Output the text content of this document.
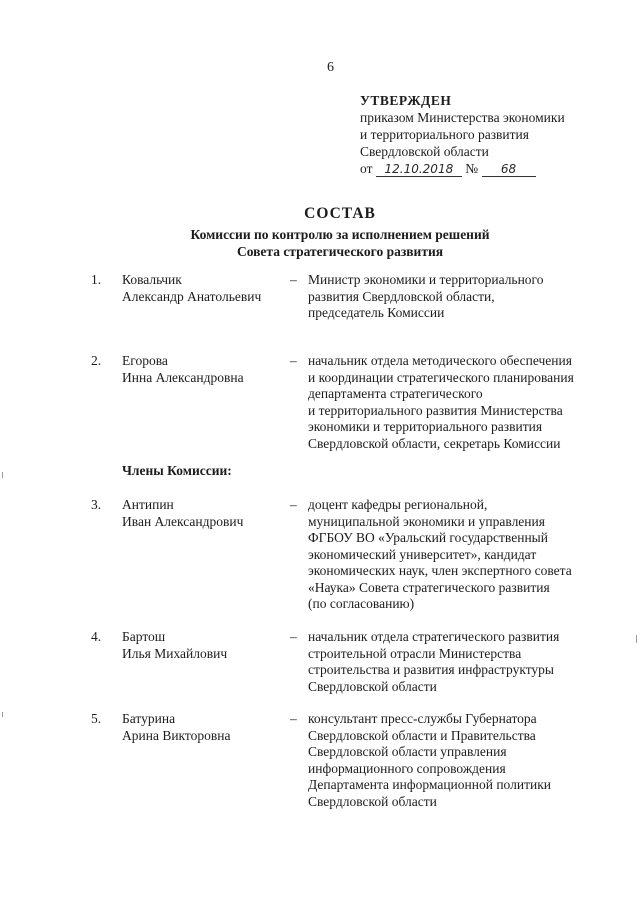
6
УТВЕРЖДЕН
приказом Министерства экономики
и территориального развития
Свердловской области
от 12.10.2018 № 68
СОСТАВ
Комиссии по контролю за исполнением решений
Совета стратегического развития
1. Ковальчик
Александр Анатольевич
– Министр экономики и территориального
развития Свердловской области,
председатель Комиссии
2. Егорова
Инна Александровна
– начальник отдела методического обеспечения
и координации стратегического планирования
департамента стратегического
и территориального развития Министерства
экономики и территориального развития
Свердловской области, секретарь Комиссии
Члены Комиссии:
3. Антипин
Иван Александрович
– доцент кафедры региональной,
муниципальной экономики и управления
ФГБОУ ВО «Уральский государственный
экономический университет», кандидат
экономических наук, член экспертного совета
«Наука» Совета стратегического развития
(по согласованию)
4. Бартош
Илья Михайлович
– начальник отдела стратегического развития
строительной отрасли Министерства
строительства и развития инфраструктуры
Свердловской области
5. Батурина
Арина Викторовна
– консультант пресс-службы Губернатора
Свердловской области и Правительства
Свердловской области управления
информационного сопровождения
Департамента информационной политики
Свердловской области
